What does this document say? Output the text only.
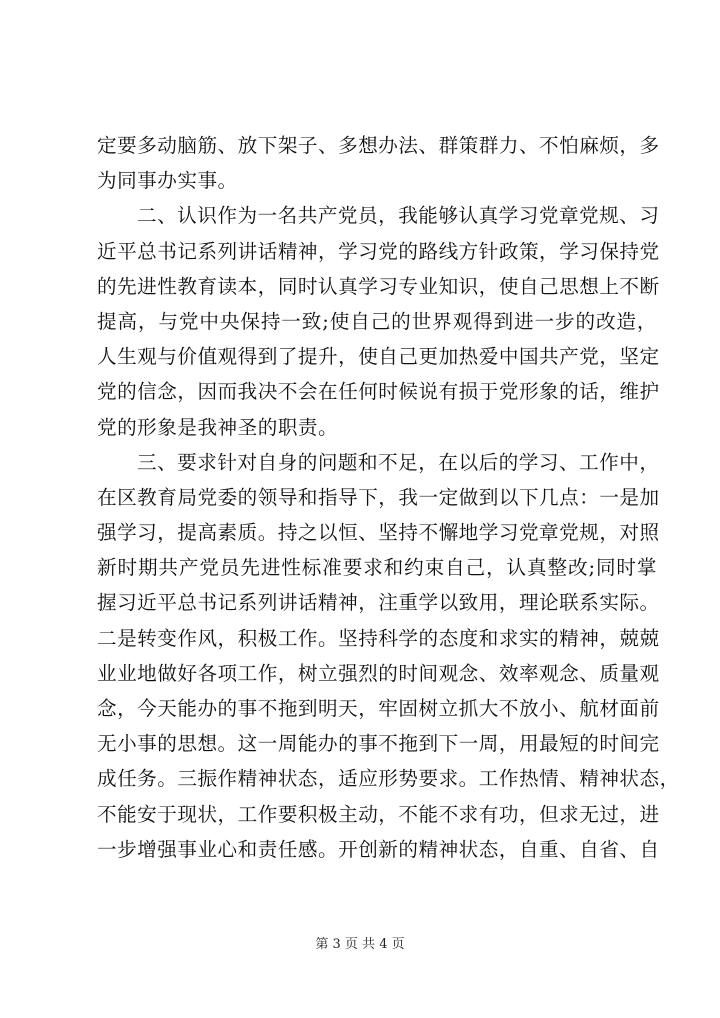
定要多动脑筋、放下架子、多想办法、群策群力、不怕麻烦，多
为同事办实事。
二、认识作为一名共产党员，我能够认真学习党章党规、习
近平总书记系列讲话精神，学习党的路线方针政策，学习保持党
的先进性教育读本，同时认真学习专业知识，使自己思想上不断
提高，与党中央保持一致;使自己的世界观得到进一步的改造，
人生观与价值观得到了提升，使自己更加热爱中国共产党，坚定
党的信念，因而我决不会在任何时候说有损于党形象的话，维护
党的形象是我神圣的职责。
三、要求针对自身的问题和不足，在以后的学习、工作中，
在区教育局党委的领导和指导下，我一定做到以下几点：一是加
强学习，提高素质。持之以恒、坚持不懈地学习党章党规，对照
新时期共产党员先进性标准要求和约束自己，认真整改;同时掌
握习近平总书记系列讲话精神，注重学以致用，理论联系实际。
二是转变作风，积极工作。坚持科学的态度和求实的精神，兢兢
业业地做好各项工作，树立强烈的时间观念、效率观念、质量观
念，今天能办的事不拖到明天，牢固树立抓大不放小、航材面前
无小事的思想。这一周能办的事不拖到下一周，用最短的时间完
成任务。三振作精神状态，适应形势要求。工作热情、精神状态，
不能安于现状，工作要积极主动，不能不求有功，但求无过，进
一步增强事业心和责任感。开创新的精神状态，自重、自省、自
第 3 页 共 4 页
